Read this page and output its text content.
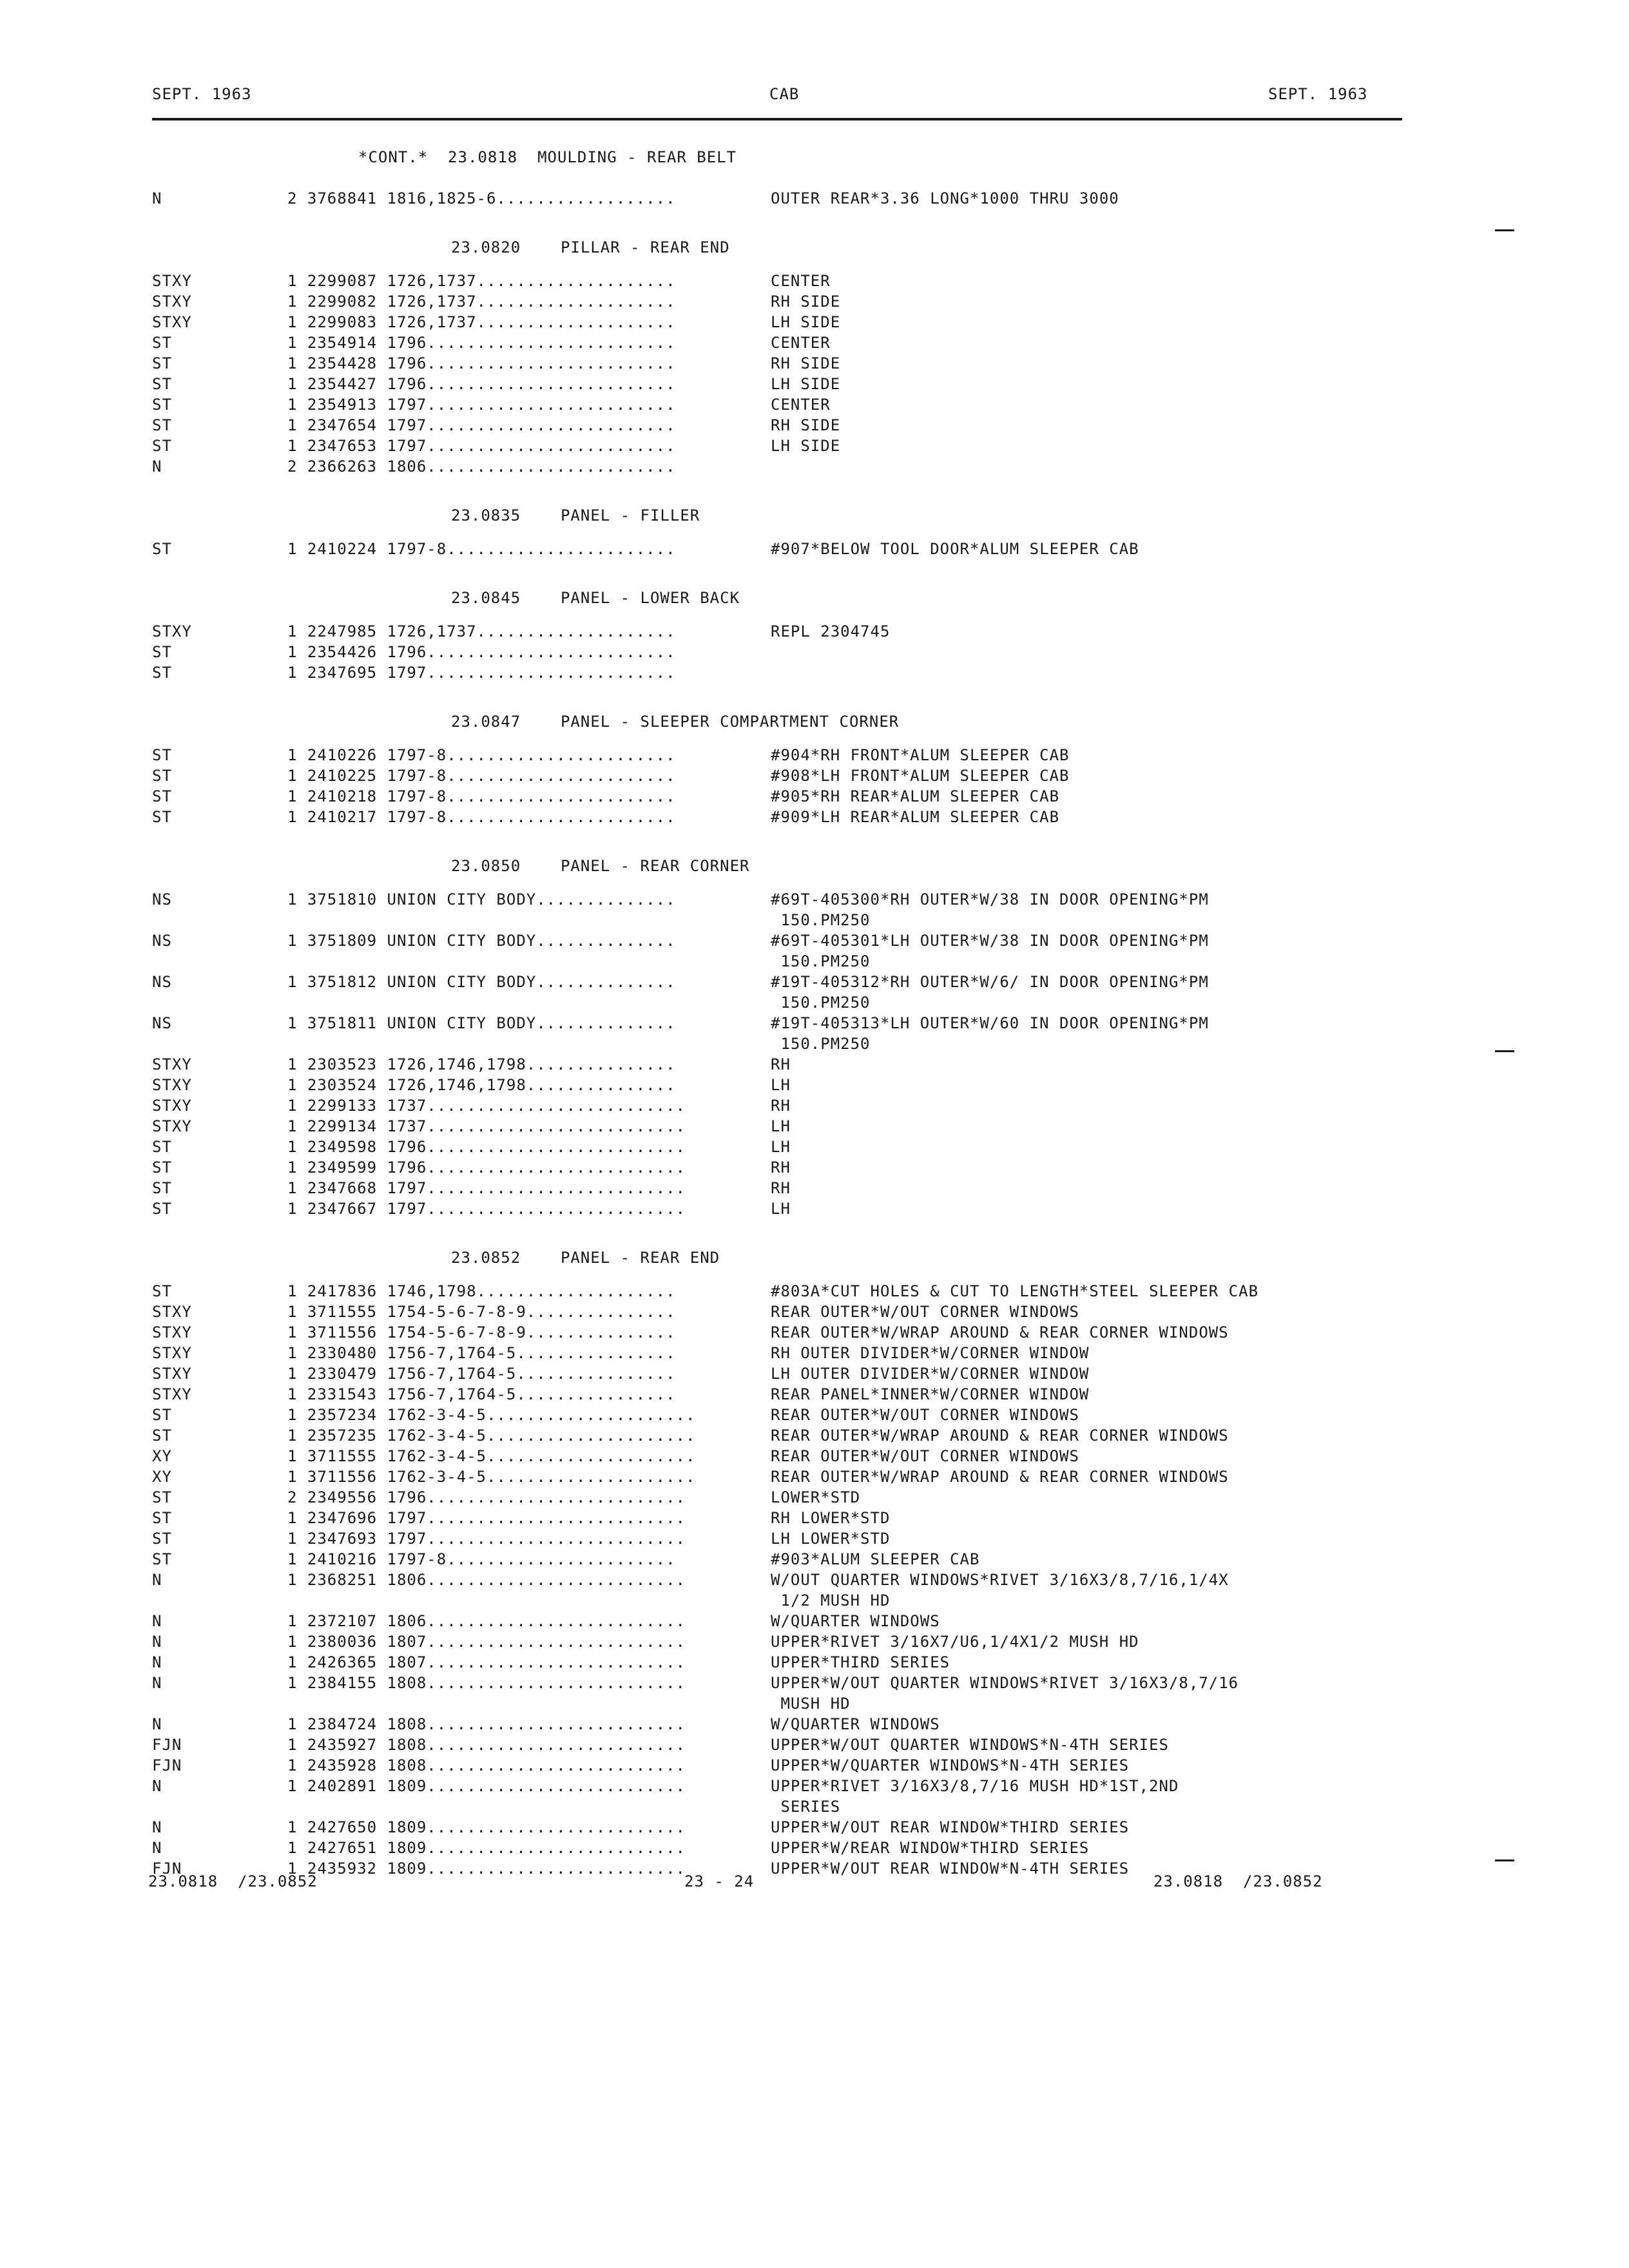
SEPT. 1963	CAB	SEPT. 1963
*CONT.*  23.0818  MOULDING - REAR BELT
N	2 3768841 1816,1825-6..................	OUTER REAR*3.36 LONG*1000 THRU 3000
23.0820    PILLAR - REAR END
STXY	1 2299087 1726,1737....................	CENTER
STXY	1 2299082 1726,1737....................	RH SIDE
STXY	1 2299083 1726,1737....................	LH SIDE
ST	1 2354914 1796.........................	CENTER
ST	1 2354428 1796.........................	RH SIDE
ST	1 2354427 1796.........................	LH SIDE
ST	1 2354913 1797.........................	CENTER
ST	1 2347654 1797.........................	RH SIDE
ST	1 2347653 1797.........................	LH SIDE
N	2 2366263 1806.........................
23.0835    PANEL - FILLER
ST	1 2410224 1797-8.......................	#907*BELOW TOOL DOOR*ALUM SLEEPER CAB
23.0845    PANEL - LOWER BACK
STXY	1 2247985 1726,1737....................	REPL 2304745
ST	1 2354426 1796.........................
ST	1 2347695 1797.........................
23.0847    PANEL - SLEEPER COMPARTMENT CORNER
ST	1 2410226 1797-8.......................	#904*RH FRONT*ALUM SLEEPER CAB
ST	1 2410225 1797-8.......................	#908*LH FRONT*ALUM SLEEPER CAB
ST	1 2410218 1797-8.......................	#905*RH REAR*ALUM SLEEPER CAB
ST	1 2410217 1797-8.......................	#909*LH REAR*ALUM SLEEPER CAB
23.0850    PANEL - REAR CORNER
NS	1 3751810 UNION CITY BODY..............	#69T-405300*RH OUTER*W/38 IN DOOR OPENING*PM
150.PM250
NS	1 3751809 UNION CITY BODY..............	#69T-405301*LH OUTER*W/38 IN DOOR OPENING*PM
150.PM250
NS	1 3751812 UNION CITY BODY..............	#19T-405312*RH OUTER*W/6/ IN DOOR OPENING*PM
150.PM250
NS	1 3751811 UNION CITY BODY..............	#19T-405313*LH OUTER*W/60 IN DOOR OPENING*PM
150.PM250
STXY	1 2303523 1726,1746,1798...............	RH
STXY	1 2303524 1726,1746,1798...............	LH
STXY	1 2299133 1737..........................	RH
STXY	1 2299134 1737..........................	LH
ST	1 2349598 1796..........................	LH
ST	1 2349599 1796..........................	RH
ST	1 2347668 1797..........................	RH
ST	1 2347667 1797..........................	LH
23.0852    PANEL - REAR END
ST	1 2417836 1746,1798....................	#803A*CUT HOLES & CUT TO LENGTH*STEEL SLEEPER CAB
STXY	1 3711555 1754-5-6-7-8-9...............	REAR OUTER*W/OUT CORNER WINDOWS
STXY	1 3711556 1754-5-6-7-8-9...............	REAR OUTER*W/WRAP AROUND & REAR CORNER WINDOWS
STXY	1 2330480 1756-7,1764-5................	RH OUTER DIVIDER*W/CORNER WINDOW
STXY	1 2330479 1756-7,1764-5................	LH OUTER DIVIDER*W/CORNER WINDOW
STXY	1 2331543 1756-7,1764-5................	REAR PANEL*INNER*W/CORNER WINDOW
ST	1 2357234 1762-3-4-5.....................	REAR OUTER*W/OUT CORNER WINDOWS
ST	1 2357235 1762-3-4-5.....................	REAR OUTER*W/WRAP AROUND & REAR CORNER WINDOWS
XY	1 3711555 1762-3-4-5.....................	REAR OUTER*W/OUT CORNER WINDOWS
XY	1 3711556 1762-3-4-5.....................	REAR OUTER*W/WRAP AROUND & REAR CORNER WINDOWS
ST	2 2349556 1796..........................	LOWER*STD
ST	1 2347696 1797..........................	RH LOWER*STD
ST	1 2347693 1797..........................	LH LOWER*STD
ST	1 2410216 1797-8.......................	#903*ALUM SLEEPER CAB
N	1 2368251 1806..........................	W/OUT QUARTER WINDOWS*RIVET 3/16X3/8,7/16,1/4X
1/2 MUSH HD
N	1 2372107 1806..........................	W/QUARTER WINDOWS
N	1 2380036 1807..........................	UPPER*RIVET 3/16X7/U6,1/4X1/2 MUSH HD
N	1 2426365 1807..........................	UPPER*THIRD SERIES
N	1 2384155 1808..........................	UPPER*W/OUT QUARTER WINDOWS*RIVET 3/16X3/8,7/16
MUSH HD
N	1 2384724 1808..........................	W/QUARTER WINDOWS
FJN	1 2435927 1808..........................	UPPER*W/OUT QUARTER WINDOWS*N-4TH SERIES
FJN	1 2435928 1808..........................	UPPER*W/QUARTER WINDOWS*N-4TH SERIES
N	1 2402891 1809..........................	UPPER*RIVET 3/16X3/8,7/16 MUSH HD*1ST,2ND
SERIES
N	1 2427650 1809..........................	UPPER*W/OUT REAR WINDOW*THIRD SERIES
N	1 2427651 1809..........................	UPPER*W/REAR WINDOW*THIRD SERIES
FJN	1 2435932 1809..........................	UPPER*W/OUT REAR WINDOW*N-4TH SERIES
23.0818  /23.0852	23 - 24	23.0818  /23.0852
